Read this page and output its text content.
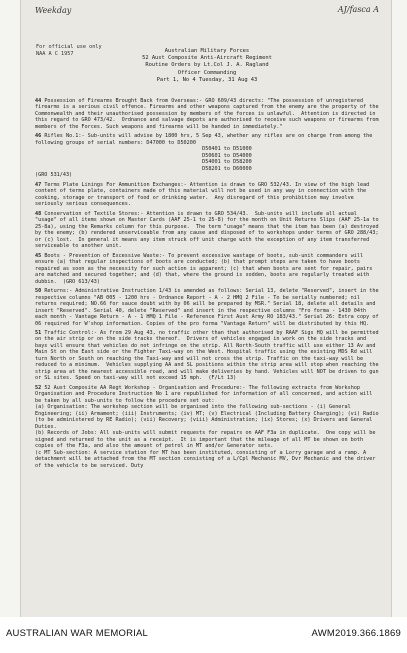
Weekday	AJ/fasca A
For official use only
NAA A C 1957	Australian Military Forces
52 Aust Composite Anti-Aircraft Regiment
Routine Orders by Lt.Col J. A. Ragland
Officer Commanding
Part 1, No 4 Tuesday, 31 Aug 43

44 Possession of Firearms Brought Back from Overseas:- GRO 609/43 directs: "The possession of unregistered firearms is a serious civil offence. Firearms and other weapons captured from the enemy are the property of the Commonwealth and their unauthorised possession by members of the forces is unlawful.  Attention is directed in this regard to GRO 473/42.  Ordnance and salvage depots are authorised to receive such weapons or firearms from members of the Forces. Such weapons and firearms will be handed in immediately."

46 Rifles No.1:- Sub-units will advise by 1800 hrs, 5 Sep 43, whether any rifles are on charge from among the following groups of serial numbers: D47000 to D50200
D50401 to D51000
D50601 to D54000
D54001 to D58200
D58201 to D60000
(GRO 531/43)

47 Terms Plate Linings For Ammunition Exchanges:- Attention is drawn to GRO 532/43. In view of the high lead content of terms plate, containers made of this material will not be used in any way in connection with the cooking, storage or transport of food or drinking water.  Any disregard of this prohibition may involve seriously serious consequences.

48 Conservation of Textile Stores:- Attention is drawn to GRO 534/43.  Sub-units will include all actual "usage" of all items shown on Master Cards (AAF 25-1 to 25-8) for the month on Unit Returns Slips (AAF 25-1a to 25-8a), using the Remarks column for this purpose.  The term "usage" means that the item has been (a) destroyed by the enemy; (b) rendered unserviceable from any cause and disposed of to workshops under terms of GRO 288/43; or (c) lost.  In general it means any item struck off unit charge with the exception of any item transferred serviceable to another unit.

45 Boots - Prevention of Excessive Waste:- To prevent excessive wastage of boots, sub-unit commanders will ensure (a) that regular inspections of boots are conducted; (b) that prompt steps are taken to have boots repaired as soon as the necessity for such action is apparent; (c) that when boots are sent for repair, pairs are matched and secured together; and (d) that, where the ground is sodden, boots are regularly treated with dubbin.  (GRO 613/43)

50 Returns:- Administrative Instruction 1/43 is amended as follows: Serial 13, delete "Reserved", insert in the respective columns "AB 005 - 1200 hrs - Ordnance Report - A - 2 HMQ 2 File - To be serially numbered; nil returns required; NO.66 for sauce doubt with by 06 will be prepared by MSR." Serial 18, delete all details and insert "Reserved". Serial 40, delete "Reserved" and insert in the respective columns "Fro forma - 1430 04th each month - Vantage Return - A - 1 HMQ 1 File - Reference First Aust Army RO 183/43." Serial 26: Extra copy of 06 required for W'shop information. Copies of the pro forma "Vantage Return" will be distributed by this HQ.

51 Traffic Control:- As from 29 Aug 43, no traffic other than that authorised by RAAF Sigs HQ will be permitted on the air strip or on the side tracks thereof.  Drivers of vehicles engaged in work on the side tracks and bays will ensure that vehicles do not infringe on the strip. All North-South traffic will use either 13 Av and Main St on the East side or the Fighter Taxi-way on the West. Hospital traffic using the existing MDS Rd will turn North or South on reaching the Taxi-way and will not cross the strip. Traffic on the taxi-way will be reduced to a minimum.  Vehicles supplying AA and SL positions within the strip area will stop when reaching the strip area at the nearest accessible road, and will make deliveries by hand. Vehicles will NOT be driven to gun or SL sites. Speed on taxi-way will not exceed 15 mph.  (F/Lt 13)

52 52 Aust Composite AA Regt Workshop - Organisation and Procedure:- The following extracts from Workshop Organisation and Procedure Instruction No 1 are republished for information of all concerned, and action will be taken by all sub-units to follow the procedure set out:
(a) Organisation: The workshop section will be organised into the following sub-sections - (i) General Engineering; (ii) Armament; (iii) Instruments; (iv) MT; (v) Electrical (Including Battery Charging); (vi) Radio (to be administered by RE Radio); (vii) Recovery; (viii) Administration; (ix) Stores; (x) Drivers and General Duties.
(b) Records of Jobs: All sub-units will submit requests for repairs on AAF F3a in duplicate.  One copy will be signed and returned to the unit as a receipt.  It is important that the mileage of all MT be shown on both copies of the F3a, and also the amount of petrol in MT and/or Generator sets.
(c MT Sub-section: A service station for MT has been instituted, consisting of a Lorry garage and a ramp. A detachment will be attached from the MT section consisting of a L/Cpl Mechanic MV, Dvr Mechanic and the driver of the vehicle to be serviced. Duty

AUSTRALIAN WAR MEMORIAL	AWM2019.366.1869
